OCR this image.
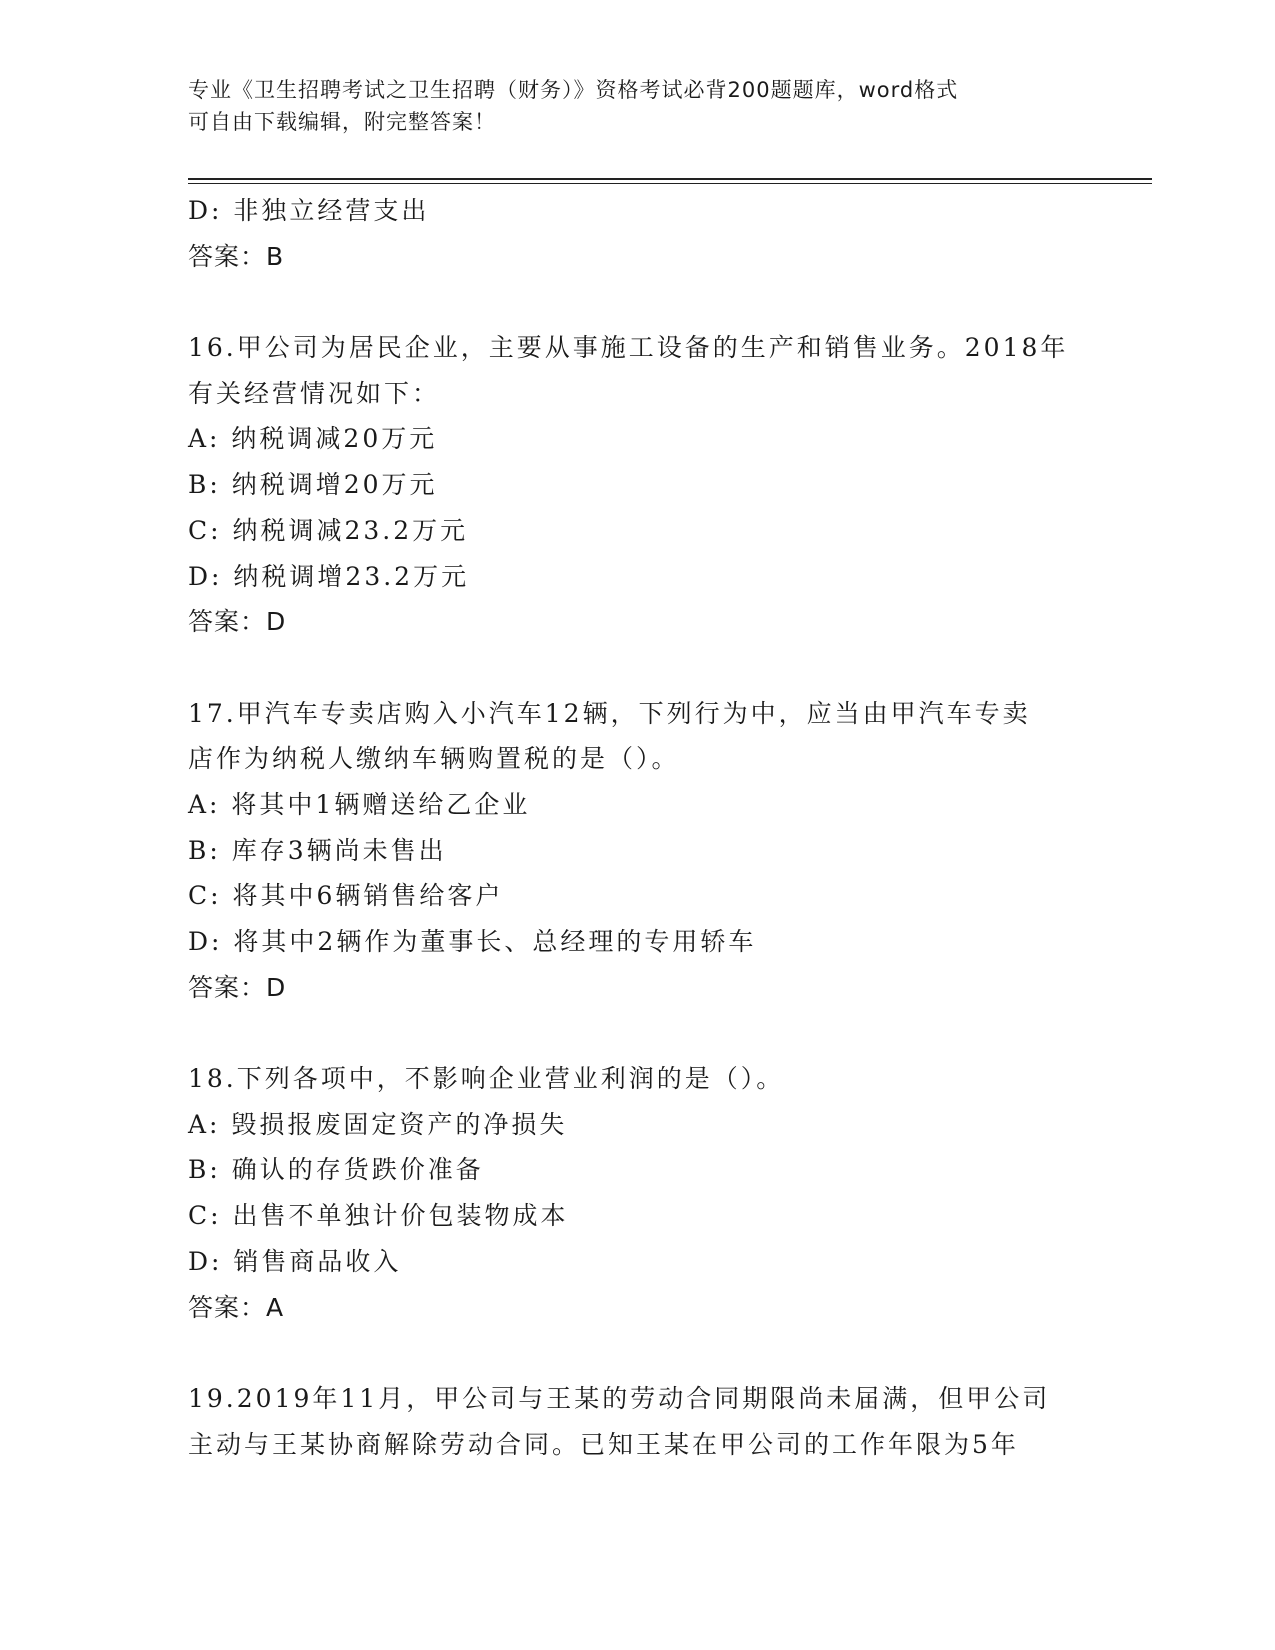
专业《卫生招聘考试之卫生招聘（财务）》资格考试必背200题题库，word格式
可自由下载编辑，附完整答案！
D: 非独立经营支出
答案：B
16.甲公司为居民企业，主要从事施工设备的生产和销售业务。2018年
有关经营情况如下：
A: 纳税调减20万元
B: 纳税调增20万元
C: 纳税调减23.2万元
D: 纳税调增23.2万元
答案：D
17.甲汽车专卖店购入小汽车12辆，下列行为中，应当由甲汽车专卖
店作为纳税人缴纳车辆购置税的是（）。
A: 将其中1辆赠送给乙企业
B: 库存3辆尚未售出
C: 将其中6辆销售给客户
D: 将其中2辆作为董事长、总经理的专用轿车
答案：D
18.下列各项中，不影响企业营业利润的是（）。
A: 毁损报废固定资产的净损失
B: 确认的存货跌价准备
C: 出售不单独计价包装物成本
D: 销售商品收入
答案：A
19.2019年11月，甲公司与王某的劳动合同期限尚未届满，但甲公司
主动与王某协商解除劳动合同。已知王某在甲公司的工作年限为5年
